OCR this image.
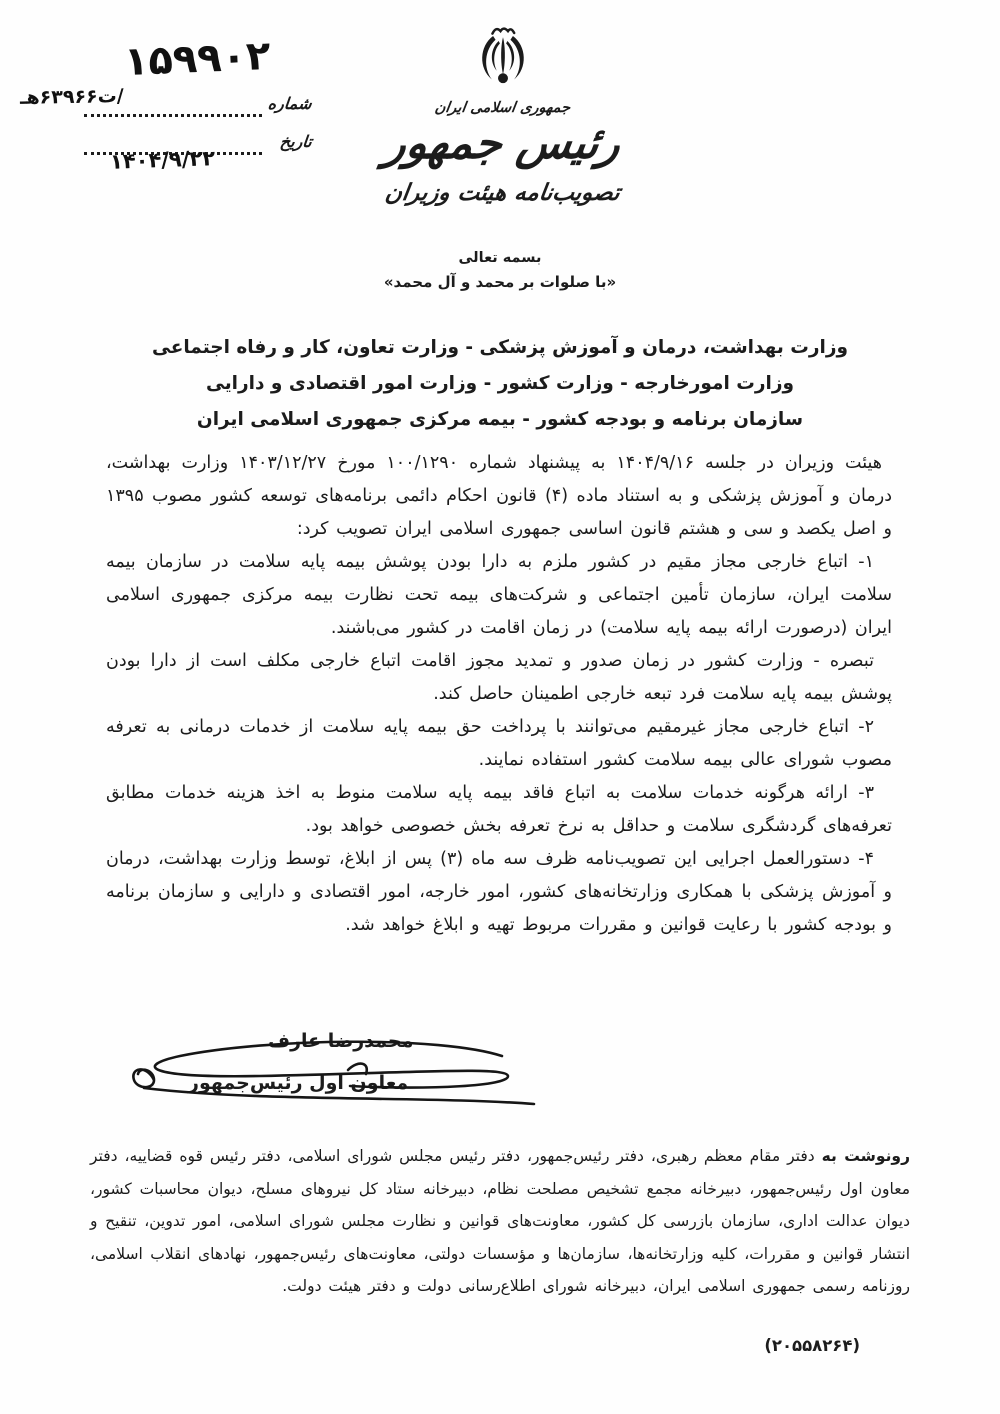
۱۵۹۹۰۲
شماره
/ت۶۳۹۶۶هـ
تاریخ
۱۴۰۴/۹/۲۲
جمهوری اسلامی ایران
رئیس جمهور
تصویب‌نامه هیئت وزیران
بسمه تعالی
«با صلوات بر محمد و آل محمد»
وزارت بهداشت، درمان و آموزش پزشکی - وزارت تعاون، کار و رفاه اجتماعی
وزارت امورخارجه - وزارت کشور - وزارت امور اقتصادی و دارایی
سازمان برنامه و بودجه کشور - بیمه مرکزی جمهوری اسلامی ایران

هیئت وزیران در جلسه ۱۴۰۴/۹/۱۶ به پیشنهاد شماره ۱۰۰/۱۲۹۰ مورخ ۱۴۰۳/۱۲/۲۷ وزارت بهداشت، درمان و آموزش پزشکی و به استناد ماده (۴) قانون احکام دائمی برنامه‌های توسعه کشور مصوب ۱۳۹۵ و اصل یکصد و سی و هشتم قانون اساسی جمهوری اسلامی ایران تصویب کرد:

۱- اتباع خارجی مجاز مقیم در کشور ملزم به دارا بودن پوشش بیمه پایه سلامت در سازمان بیمه سلامت ایران، سازمان تأمین اجتماعی و شرکت‌های بیمه تحت نظارت بیمه مرکزی جمهوری اسلامی ایران (درصورت ارائه بیمه پایه سلامت) در زمان اقامت در کشور می‌باشند.

تبصره - وزارت کشور در زمان صدور و تمدید مجوز اقامت اتباع خارجی مکلف است از دارا بودن پوشش بیمه پایه سلامت فرد تبعه خارجی اطمینان حاصل کند.

۲- اتباع خارجی مجاز غیرمقیم می‌توانند با پرداخت حق بیمه پایه سلامت از خدمات درمانی به تعرفه مصوب شورای عالی بیمه سلامت کشور استفاده نمایند.

۳- ارائه هرگونه خدمات سلامت به اتباع فاقد بیمه پایه سلامت منوط به اخذ هزینه خدمات مطابق تعرفه‌های گردشگری سلامت و حداقل به نرخ تعرفه بخش خصوصی خواهد بود.

۴- دستورالعمل اجرایی این تصویب‌نامه ظرف سه ماه (۳) پس از ابلاغ، توسط وزارت بهداشت، درمان و آموزش پزشکی با همکاری وزارتخانه‌های کشور، امور خارجه، امور اقتصادی و دارایی و سازمان برنامه و بودجه کشور با رعایت قوانین و مقررات مربوط تهیه و ابلاغ خواهد شد.

محمدرضا عارف
معاون اول رئیس‌جمهور

رونوشت به دفتر مقام معظم رهبری، دفتر رئیس‌جمهور، دفتر رئیس مجلس شورای اسلامی، دفتر رئیس قوه قضاییه، دفتر معاون اول رئیس‌جمهور، دبیرخانه مجمع تشخیص مصلحت نظام، دبیرخانه ستاد کل نیروهای مسلح، دیوان محاسبات کشور، دیوان عدالت اداری، سازمان بازرسی کل کشور، معاونت‌های قوانین و نظارت مجلس شورای اسلامی، امور تدوین، تنقیح و انتشار قوانین و مقررات، کلیه وزارتخانه‌ها، سازمان‌ها و مؤسسات دولتی، معاونت‌های رئیس‌جمهور، نهادهای انقلاب اسلامی، روزنامه رسمی جمهوری اسلامی ایران، دبیرخانه شورای اطلاع‌رسانی دولت و دفتر هیئت دولت.

(۲۰۵۵۸۲۶۴)
